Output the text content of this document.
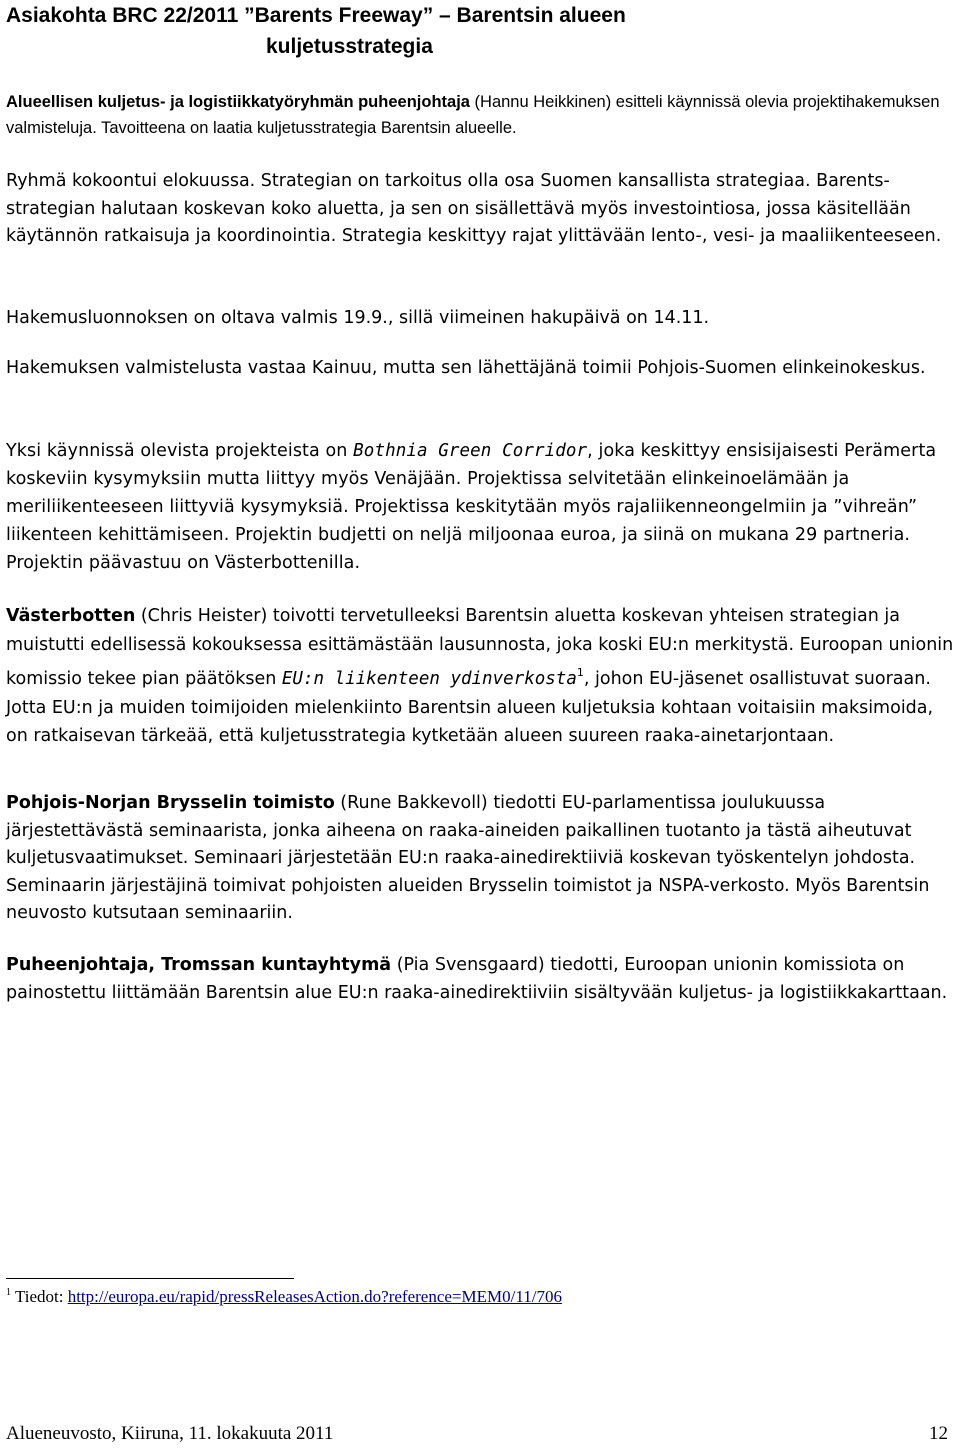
Asiakohta BRC 22/2011 ”Barents Freeway” – Barentsin alueen
kuljetusstrategia

Alueellisen kuljetus- ja logistiikkatyöryhmän puheenjohtaja (Hannu Heikkinen) esitteli käynnissä olevia projektihakemuksen valmisteluja. Tavoitteena on laatia kuljetusstrategia Barentsin alueelle.

Ryhmä kokoontui elokuussa. Strategian on tarkoitus olla osa Suomen kansallista strategiaa. Barents-strategian halutaan koskevan koko aluetta, ja sen on sisällettävä myös investointiosa, jossa käsitellään käytännön ratkaisuja ja koordinointia. Strategia keskittyy rajat ylittävään lento-, vesi- ja maaliikenteeseen.

Hakemusluonnoksen on oltava valmis 19.9., sillä viimeinen hakupäivä on 14.11.

Hakemuksen valmistelusta vastaa Kainuu, mutta sen lähettäjänä toimii Pohjois-Suomen elinkeinokeskus.

Yksi käynnissä olevista projekteista on Bothnia Green Corridor, joka keskittyy ensisijaisesti Perämerta koskeviin kysymyksiin mutta liittyy myös Venäjään. Projektissa selvitetään elinkeinoelämään ja meriliikenteeseen liittyviä kysymyksiä. Projektissa keskitytään myös rajaliikenneongelmiin ja ”vihreän” liikenteen kehittämiseen. Projektin budjetti on neljä miljoonaa euroa, ja siinä on mukana 29 partneria. Projektin päävastuu on Västerbottenilla.

Västerbotten (Chris Heister) toivotti tervetulleeksi Barentsin aluetta koskevan yhteisen strategian ja muistutti edellisessä kokouksessa esittämästään lausunnosta, joka koski EU:n merkitystä. Euroopan unionin komissio tekee pian päätöksen EU:n liikenteen ydinverkosta$^1$, johon EU-jäsenet osallistuvat suoraan. Jotta EU:n ja muiden toimijoiden mielenkiinto Barentsin alueen kuljetuksia kohtaan voitaisiin maksimoida, on ratkaisevan tärkeää, että kuljetusstrategia kytketään alueen suureen raaka-ainetarjontaan.

Pohjois-Norjan Brysselin toimisto (Rune Bakkevoll) tiedotti EU-parlamentissa joulukuussa järjestettävästä seminaarista, jonka aiheena on raaka-aineiden paikallinen tuotanto ja tästä aiheutuvat kuljetusvaatimukset. Seminaari järjestetään EU:n raaka-ainedirektiiviä koskevan työskentelyn johdosta. Seminaarin järjestäjinä toimivat pohjoisten alueiden Brysselin toimistot ja NSPA-verkosto. Myös Barentsin neuvosto kutsutaan seminaariin.

Puheenjohtaja, Tromssan kuntayhtymä (Pia Svensgaard) tiedotti, Euroopan unionin komissiota on painostettu liittämään Barentsin alue EU:n raaka-ainedirektiiviin sisältyvään kuljetus- ja logistiikkakarttaan.

$^1$ Tiedot: http://europa.eu/rapid/pressReleasesAction.do?reference=MEM0/11/706
Alueneuvosto, Kiiruna, 11. lokakuuta 2011	12
